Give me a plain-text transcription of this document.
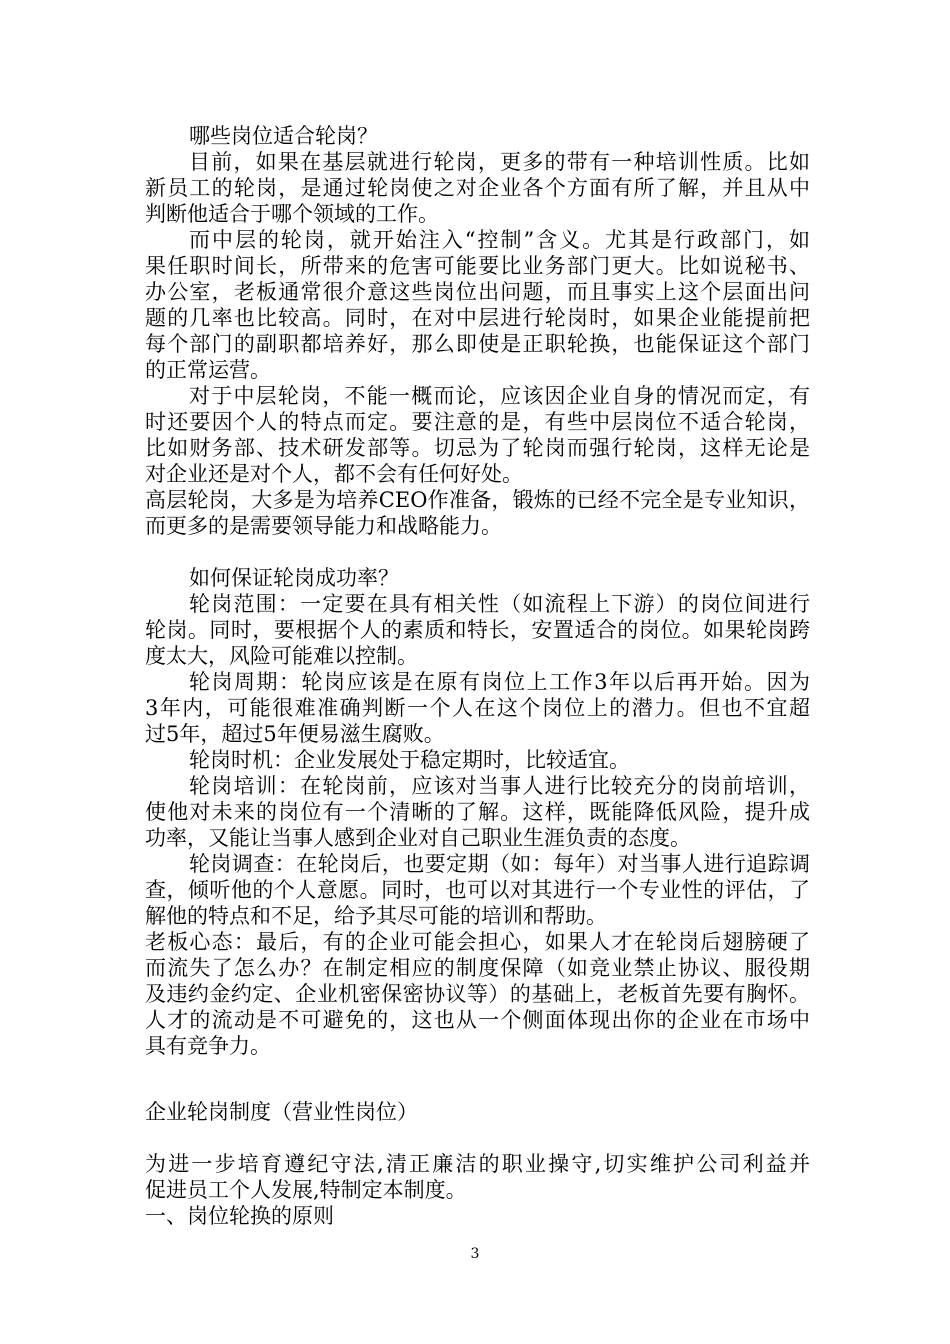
哪些岗位适合轮岗？
目前，如果在基层就进行轮岗，更多的带有一种培训性质。比如
新员工的轮岗，是通过轮岗使之对企业各个方面有所了解，并且从中
判断他适合于哪个领域的工作。
而中层的轮岗，就开始注入“控制”含义。尤其是行政部门，如
果任职时间长，所带来的危害可能要比业务部门更大。比如说秘书、
办公室，老板通常很介意这些岗位出问题，而且事实上这个层面出问
题的几率也比较高。同时，在对中层进行轮岗时，如果企业能提前把
每个部门的副职都培养好，那么即使是正职轮换，也能保证这个部门
的正常运营。
对于中层轮岗，不能一概而论，应该因企业自身的情况而定，有
时还要因个人的特点而定。要注意的是，有些中层岗位不适合轮岗，
比如财务部、技术研发部等。切忌为了轮岗而强行轮岗，这样无论是
对企业还是对个人，都不会有任何好处。
高层轮岗，大多是为培养CEO作准备，锻炼的已经不完全是专业知识，
而更多的是需要领导能力和战略能力。
如何保证轮岗成功率？
轮岗范围：一定要在具有相关性（如流程上下游）的岗位间进行
轮岗。同时，要根据个人的素质和特长，安置适合的岗位。如果轮岗跨
度太大，风险可能难以控制。
轮岗周期：轮岗应该是在原有岗位上工作3年以后再开始。因为
3年内，可能很难准确判断一个人在这个岗位上的潜力。但也不宜超
过5年，超过5年便易滋生腐败。
轮岗时机：企业发展处于稳定期时，比较适宜。
轮岗培训：在轮岗前，应该对当事人进行比较充分的岗前培训，
使他对未来的岗位有一个清晰的了解。这样，既能降低风险，提升成
功率，又能让当事人感到企业对自己职业生涯负责的态度。
轮岗调查：在轮岗后，也要定期（如：每年）对当事人进行追踪调
查，倾听他的个人意愿。同时，也可以对其进行一个专业性的评估，了
解他的特点和不足，给予其尽可能的培训和帮助。
老板心态：最后，有的企业可能会担心，如果人才在轮岗后翅膀硬了
而流失了怎么办？在制定相应的制度保障（如竞业禁止协议、服役期
及违约金约定、企业机密保密协议等）的基础上，老板首先要有胸怀。
人才的流动是不可避免的，这也从一个侧面体现出你的企业在市场中
具有竞争力。
企业轮岗制度（营业性岗位）
为进一步培育遵纪守法,清正廉洁的职业操守,切实维护公司利益并
促进员工个人发展,特制定本制度。
一、岗位轮换的原则
3
